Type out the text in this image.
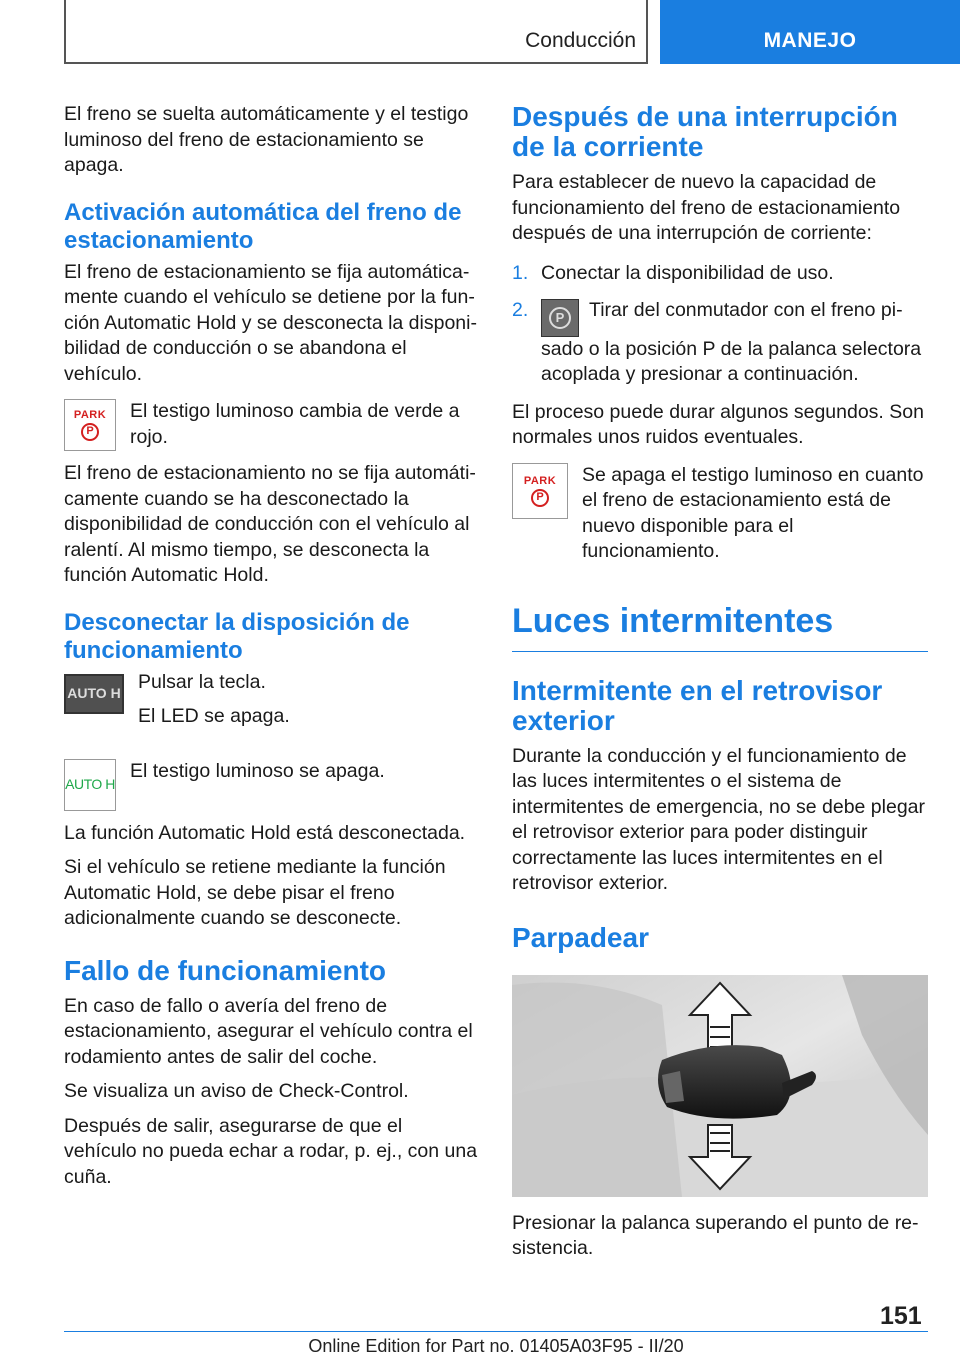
Conducción	MANEJO

El freno se suelta automáticamente y el testigo luminoso del freno de estacionamiento se apaga.

Activación automática del freno de estacionamiento

El freno de estacionamiento se fija automáticamente cuando el vehículo se detiene por la función Automatic Hold y se desconecta la disponibilidad de conducción o se abandona el vehículo.

PARK
P
El testigo luminoso cambia de verde a rojo.

El freno de estacionamiento no se fija automáticamente cuando se ha desconectado la disponibilidad de conducción con el vehículo al ralentí. Al mismo tiempo, se desconecta la función Automatic Hold.

Desconectar la disposición de funcionamiento
AUTO H

Pulsar la tecla.

El LED se apaga.

AUTO H
El testigo luminoso se apaga.

La función Automatic Hold está desconectada.

Si el vehículo se retiene mediante la función Automatic Hold, se debe pisar el freno adicionalmente cuando se desconecte.

Fallo de funcionamiento

En caso de fallo o avería del freno de estacionamiento, asegurar el vehículo contra el rodamiento antes de salir del coche.

Se visualiza un aviso de Check-Control.

Después de salir, asegurarse de que el vehículo no pueda echar a rodar, p. ej., con una cuña.

Después de una interrupción de la corriente

Para establecer de nuevo la capacidad de funcionamiento del freno de estacionamiento después de una interrupción de corriente:

1. Conectar la disponibilidad de uso.
2.	P	Tirar del conmutador con el freno pisado o la posición P de la palanca selectora acoplada y presionar a continuación.

El proceso puede durar algunos segundos. Son normales unos ruidos eventuales.

PARK
P
Se apaga el testigo luminoso en cuanto el freno de estacionamiento está de nuevo disponible para el funcionamiento.
Luces intermitentes
Intermitente en el retrovisor exterior

Durante la conducción y el funcionamiento de las luces intermitentes o el sistema de intermitentes de emergencia, no se debe plegar el retrovisor exterior para poder distinguir correctamente las luces intermitentes en el retrovisor exterior.

Parpadear

Presionar la palanca superando el punto de resistencia.

151
Online Edition for Part no. 01405A03F95 - II/20
